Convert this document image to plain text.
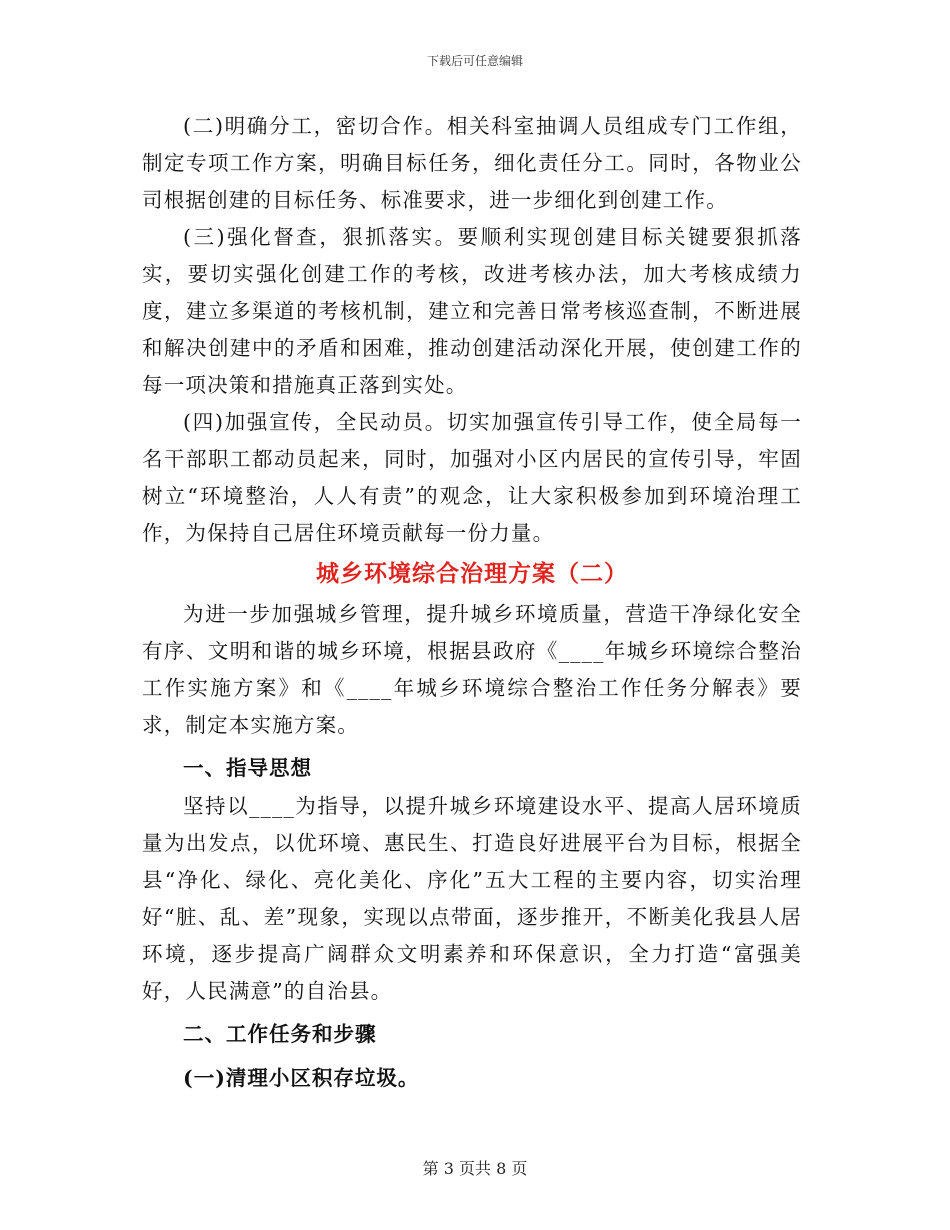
下载后可任意编辑

(二)明确分工，密切合作。相关科室抽调人员组成专门工作组，制定专项工作方案，明确目标任务，细化责任分工。同时，各物业公司根据创建的目标任务、标准要求，进一步细化到创建工作。

(三)强化督查，狠抓落实。要顺利实现创建目标关键要狠抓落实，要切实强化创建工作的考核，改进考核办法，加大考核成绩力度，建立多渠道的考核机制，建立和完善日常考核巡查制，不断进展和解决创建中的矛盾和困难，推动创建活动深化开展，使创建工作的每一项决策和措施真正落到实处。

(四)加强宣传，全民动员。切实加强宣传引导工作，使全局每一名干部职工都动员起来，同时，加强对小区内居民的宣传引导，牢固树立“环境整治，人人有责”的观念，让大家积极参加到环境治理工作，为保持自己居住环境贡献每一份力量。

城乡环境综合治理方案（二）

为进一步加强城乡管理，提升城乡环境质量，营造干净绿化安全有序、文明和谐的城乡环境，根据县政府《____年城乡环境综合整治工作实施方案》和《____年城乡环境综合整治工作任务分解表》要求，制定本实施方案。

一、指导思想

坚持以____为指导，以提升城乡环境建设水平、提高人居环境质量为出发点，以优环境、惠民生、打造良好进展平台为目标，根据全县“净化、绿化、亮化美化、序化”五大工程的主要内容，切实治理好“脏、乱、差”现象，实现以点带面，逐步推开，不断美化我县人居环境，逐步提高广阔群众文明素养和环保意识，全力打造“富强美好，人民满意”的自治县。

二、工作任务和步骤
(一)清理小区积存垃圾。
第 3 页共 8 页
